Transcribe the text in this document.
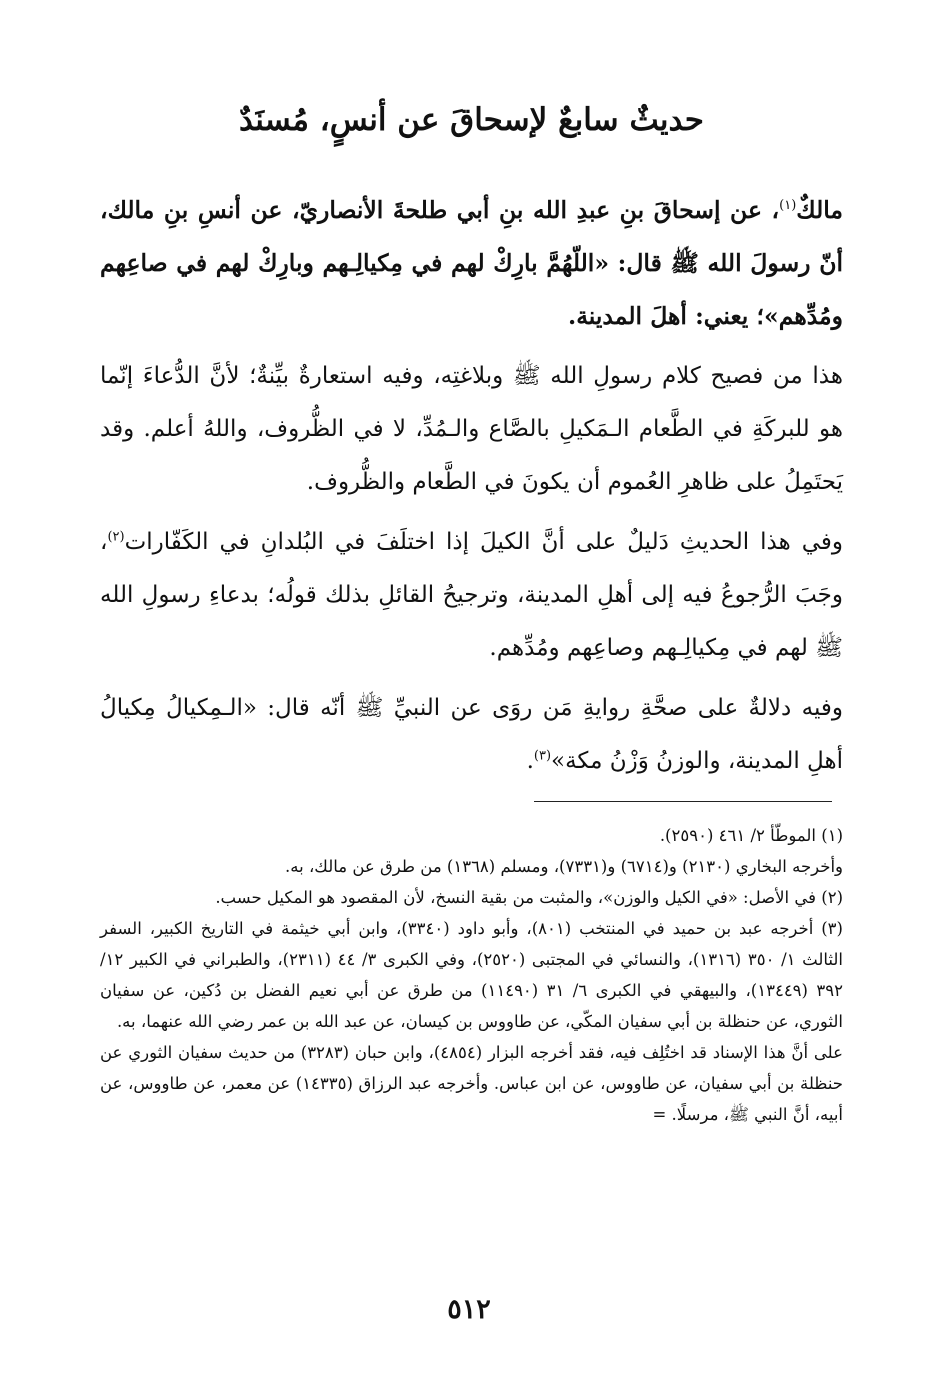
حديثٌ سابعٌ لإسحاقَ عن أنسٍ، مُسنَدٌ

مالكٌ$^{(١)}$، عن إسحاقَ بنِ عبدِ الله بنِ أبي طلحةَ الأنصاريّ، عن أنسِ بنِ مالك، أنّ رسولَ الله ﷺ قال: «اللّهُمَّ بارِكْ لهم في مِكيالِـهم وبارِكْ لهم في صاعِهم ومُدِّهم»؛ يعني: أهلَ المدينة.

هذا من فصيح كلام رسولِ الله ﷺ وبلاغتِه، وفيه استعارةٌ بيِّنةٌ؛ لأنَّ الدُّعاءَ إنّما هو للبركَةِ في الطَّعام الـمَكيلِ بالصَّاع والـمُدِّ، لا في الظُّروف، واللهُ أعلم. وقد يَحتَمِلُ على ظاهرِ العُموم أن يكونَ في الطَّعام والظُّروف.

وفي هذا الحديثِ دَليلٌ على أنَّ الكيلَ إذا اختلَفَ في البُلدانِ في الكَفّارات$^{(٢)}$، وجَبَ الرُّجوعُ فيه إلى أهلِ المدينة، وترجيحُ القائلِ بذلك قولُه؛ بدعاءِ رسولِ الله ﷺ لهم في مِكيالِـهم وصاعِهم ومُدِّهم.

وفيه دلالةٌ على صحَّةِ روايةِ مَن روَى عن النبيِّ ﷺ أنّه قال: «الـمِكيالُ مِكيالُ أهلِ المدينة، والوزنُ وَزْنُ مكة»$^{(٣)}$.

(١) الموطّأ ٢/ ٤٦١ (٢٥٩٠).

وأخرجه البخاري (٢١٣٠) و(٦٧١٤) و(٧٣٣١)، ومسلم (١٣٦٨) من طرق عن مالك، به.

(٢) في الأصل: «في الكيل والوزن»، والمثبت من بقية النسخ، لأن المقصود هو المكيل حسب.

(٣) أخرجه عبد بن حميد في المنتخب (٨٠١)، وأبو داود (٣٣٤٠)، وابن أبي خيثمة في التاريخ الكبير، السفر الثالث ١/ ٣٥٠ (١٣١٦)، والنسائي في المجتبى (٢٥٢٠)، وفي الكبرى ٣/ ٤٤ (٢٣١١)، والطبراني في الكبير ١٢/ ٣٩٢ (١٣٤٤٩)، والبيهقي في الكبرى ٦/ ٣١ (١١٤٩٠) من طرق عن أبي نعيم الفضل بن دُكين، عن سفيان الثوري، عن حنظلة بن أبي سفيان المكّي، عن طاووس بن كيسان، عن عبد الله بن عمر رضي الله عنهما، به.

على أنَّ هذا الإسناد قد اختُلِف فيه، فقد أخرجه البزار (٤٨٥٤)، وابن حبان (٣٢٨٣) من حديث سفيان الثوري عن حنظلة بن أبي سفيان، عن طاووس، عن ابن عباس. وأخرجه عبد الرزاق (١٤٣٣٥) عن معمر، عن طاووس، عن أبيه، أنَّ النبي ﷺ، مرسلًا. =

٥١٢
